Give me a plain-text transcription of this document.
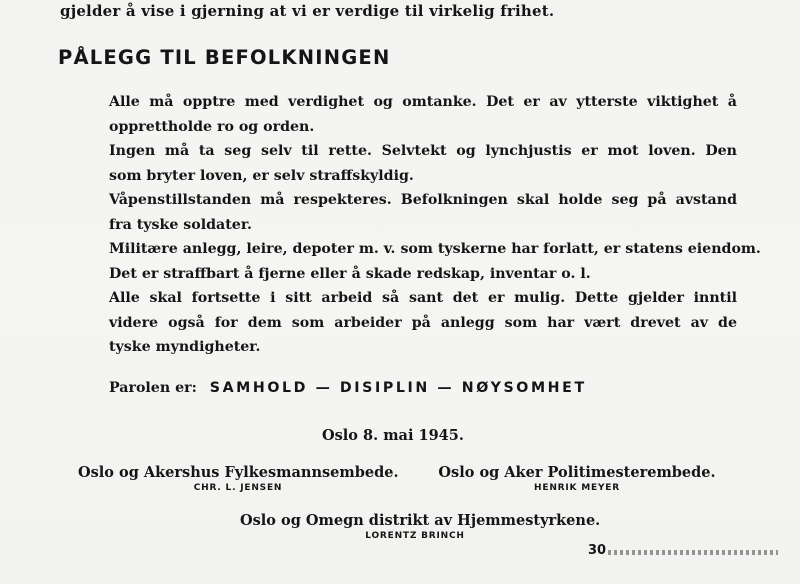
gjelder å vise i gjerning at vi er verdige til virkelig frihet.
PÅLEGG TIL BEFOLKNINGEN

Alle må opptre med verdighet og omtanke. Det er av ytterste viktighet å
opprettholde ro og orden.

Ingen må ta seg selv til rette. Selvtekt og lynchjustis er mot loven. Den
som bryter loven, er selv straffskyldig.

Våpenstillstanden må respekteres. Befolkningen skal holde seg på avstand
fra tyske soldater.

Militære anlegg, leire, depoter m. v. som tyskerne har forlatt, er statens eiendom.
Det er straffbart å fjerne eller å skade redskap, inventar o. l.

Alle skal fortsette i sitt arbeid så sant det er mulig. Dette gjelder inntil
videre også for dem som arbeider på anlegg som har vært drevet av de
tyske myndigheter.

Parolen er: SAMHOLD — DISIPLIN — NØYSOMHET
Oslo 8. mai 1945.
Oslo og Akershus Fylkesmannsembede.
CHR. L. JENSEN
Oslo og Aker Politimesterembede.
HENRIK MEYER
Oslo og Omegn distrikt av Hjemmestyrkene.
LORENTZ BRINCH
30
